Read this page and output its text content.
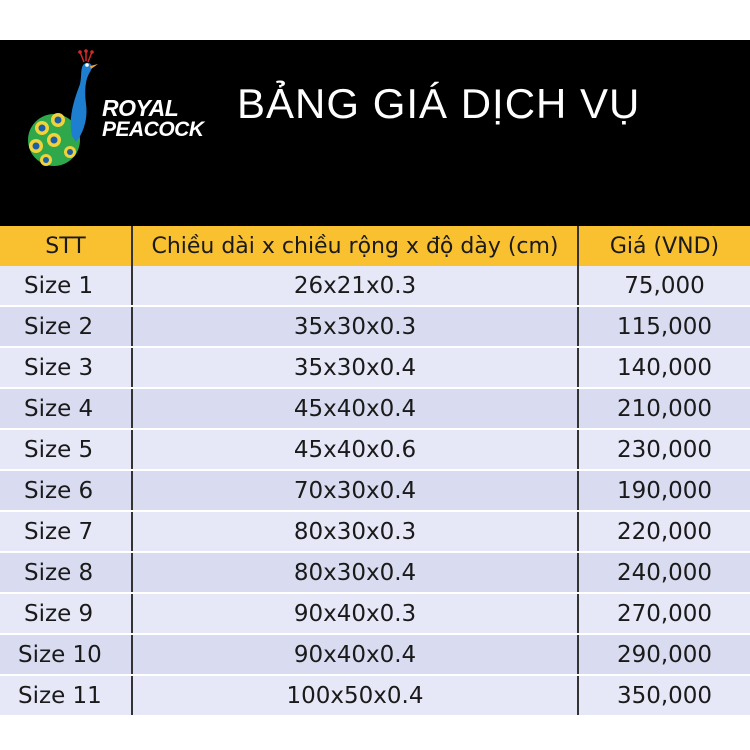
ROYAL
PEACOCK
BẢNG GIÁ DỊCH VỤ
STT	Chiều dài x chiều rộng x độ dày (cm)	Giá (VND)
Size 1	26x21x0.3	75,000
Size 2	35x30x0.3	115,000
Size 3	35x30x0.4	140,000
Size 4	45x40x0.4	210,000
Size 5	45x40x0.6	230,000
Size 6	70x30x0.4	190,000
Size 7	80x30x0.3	220,000
Size 8	80x30x0.4	240,000
Size 9	90x40x0.3	270,000
Size 10	90x40x0.4	290,000
Size 11	100x50x0.4	350,000
